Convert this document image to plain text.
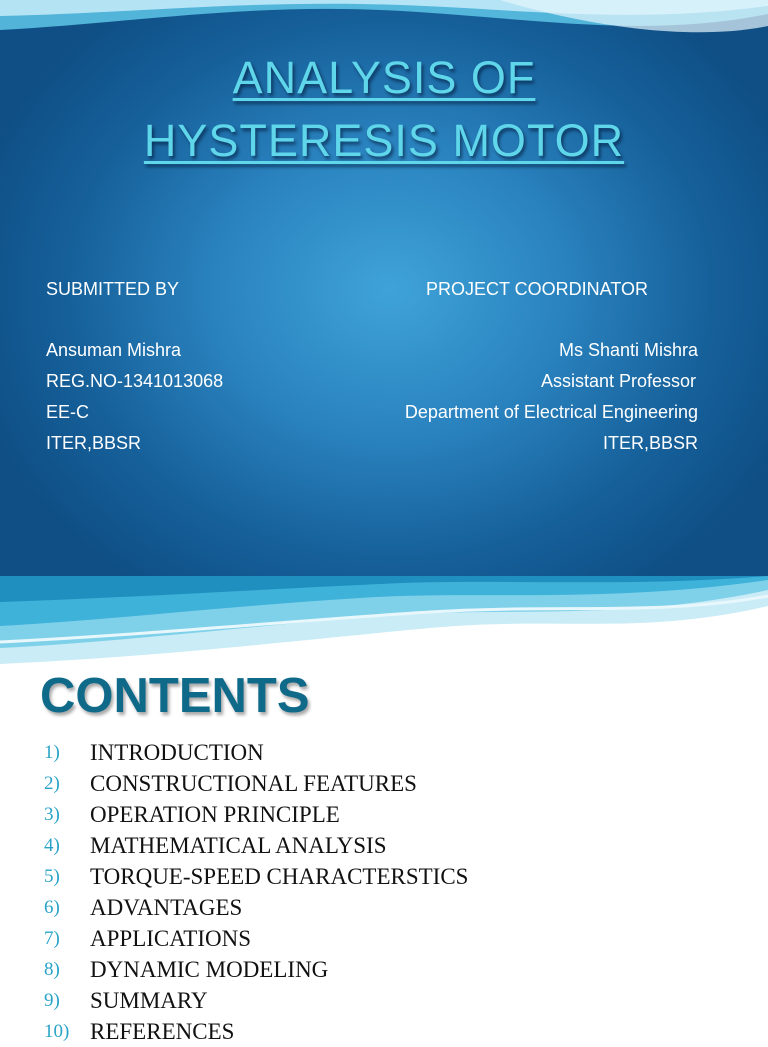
ANALYSIS OF
HYSTERESIS MOTOR
SUBMITTED BY
Ansuman Mishra
REG.NO-1341013068
EE-C
ITER,BBSR
PROJECT COORDINATOR
Ms Shanti Mishra
Assistant Professor
Department of Electrical Engineering
ITER,BBSR
CONTENTS
1) INTRODUCTION
2) CONSTRUCTIONAL FEATURES
3) OPERATION PRINCIPLE
4) MATHEMATICAL ANALYSIS
5) TORQUE-SPEED CHARACTERSTICS
6) ADVANTAGES
7) APPLICATIONS
8) DYNAMIC MODELING
9) SUMMARY
10) REFERENCES
